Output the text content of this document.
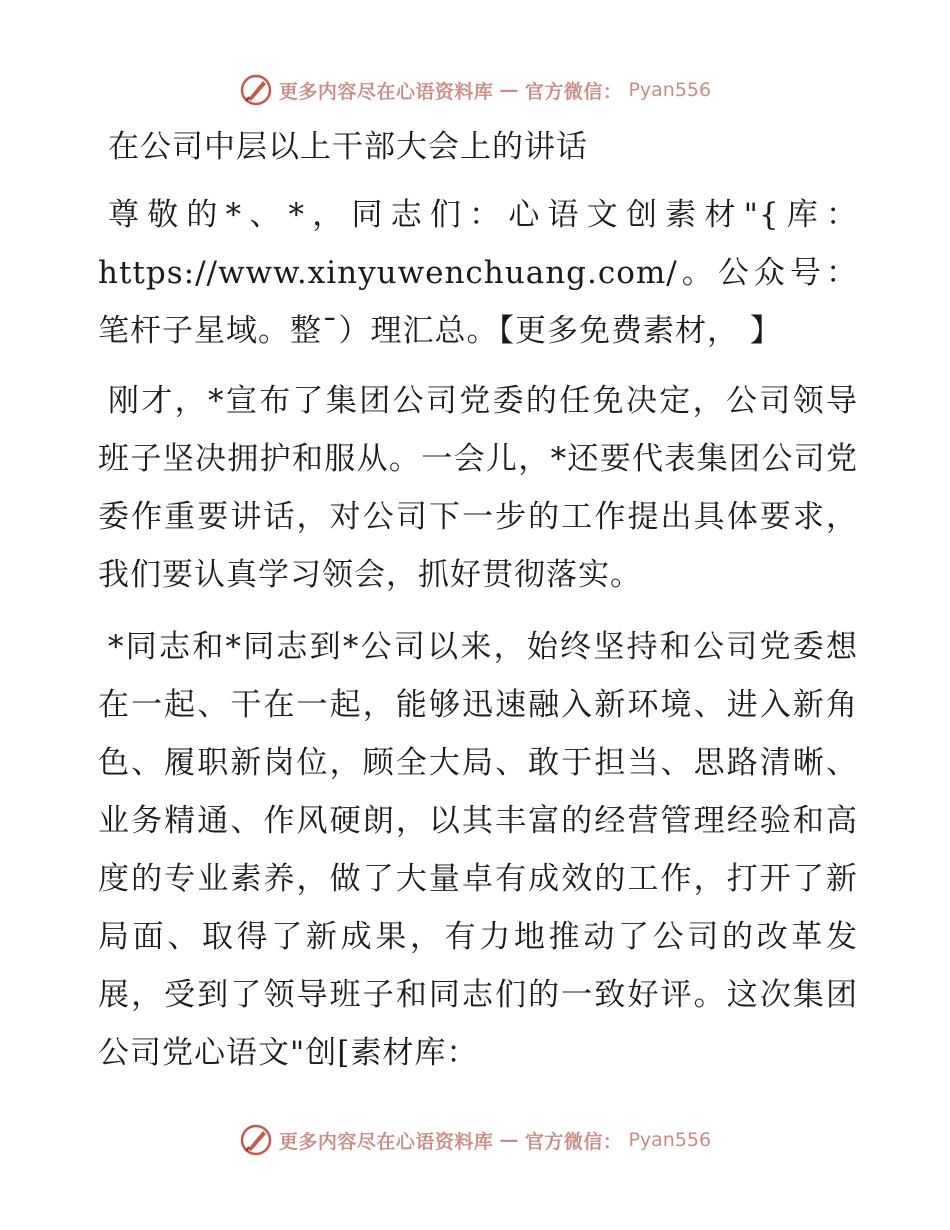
更多内容尽在心语资料库 — 官方微信： Pyan556

在公司中层以上干部大会上的讲话

尊敬的*、*，同志们：心语文创素材"{库：https://www.xinyuwenchuang.com/。公众号：笔杆子星域。整¯）理汇总。【更多免费素材， 】

刚才，*宣布了集团公司党委的任免决定，公司领导班子坚决拥护和服从。一会儿，*还要代表集团公司党委作重要讲话，对公司下一步的工作提出具体要求，我们要认真学习领会，抓好贯彻落实。

*同志和*同志到*公司以来，始终坚持和公司党委想在一起、干在一起，能够迅速融入新环境、进入新角色、履职新岗位，顾全大局、敢于担当、思路清晰、业务精通、作风硬朗，以其丰富的经营管理经验和高度的专业素养，做了大量卓有成效的工作，打开了新局面、取得了新成果，有力地推动了公司的改革发展，受到了领导班子和同志们的一致好评。这次集团公司党心语文"创[素材库：

更多内容尽在心语资料库 — 官方微信： Pyan556
